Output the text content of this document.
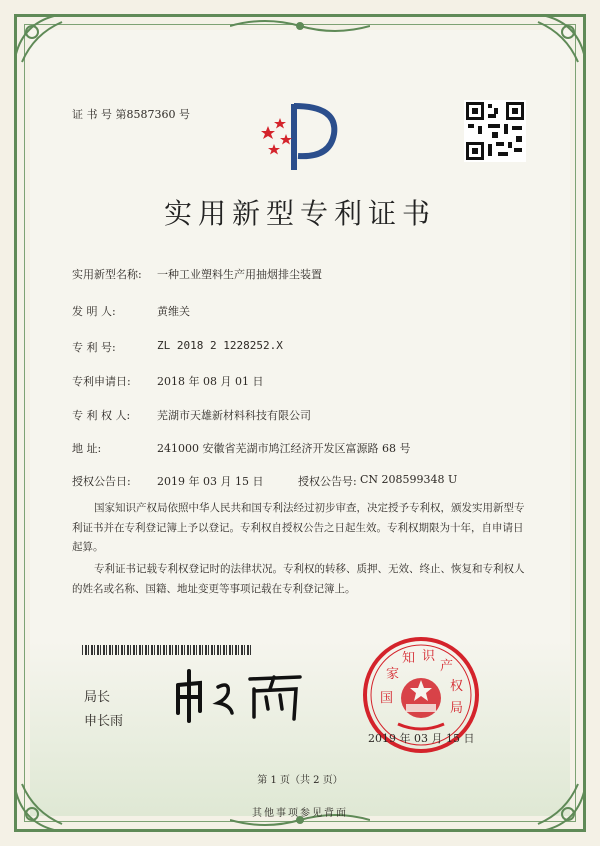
证 书 号 第8587360 号
实用新型专利证书
实用新型名称: 一种工业塑料生产用抽烟排尘装置
发 明 人:	黄维关
专 利 号:	ZL 2018 2 1228252.X
专利申请日: 2018 年 08 月 01 日
专 利 权 人: 芜湖市天雄新材料科技有限公司
地 址:	241000 安徽省芜湖市鸠江经济开发区富源路 68 号
授权公告日: 2019 年 03 月 15 日	授权公告号: CN 208599348 U
国家知识产权局依照中华人民共和国专利法经过初步审查，决定授予专利权，颁发实用新型专利证书并在专利登记簿上予以登记。专利权自授权公告之日起生效。专利权期限为十年，自申请日起算。
专利证书记载专利权登记时的法律状况。专利权的转移、质押、无效、终止、恢复和专利权人的姓名或名称、国籍、地址变更等事项记载在专利登记簿上。
局长
申长雨
国
家
知 识
产
权
局
2019 年 03 月 15 日
第 1 页（共 2 页）
其他事项参见背面
